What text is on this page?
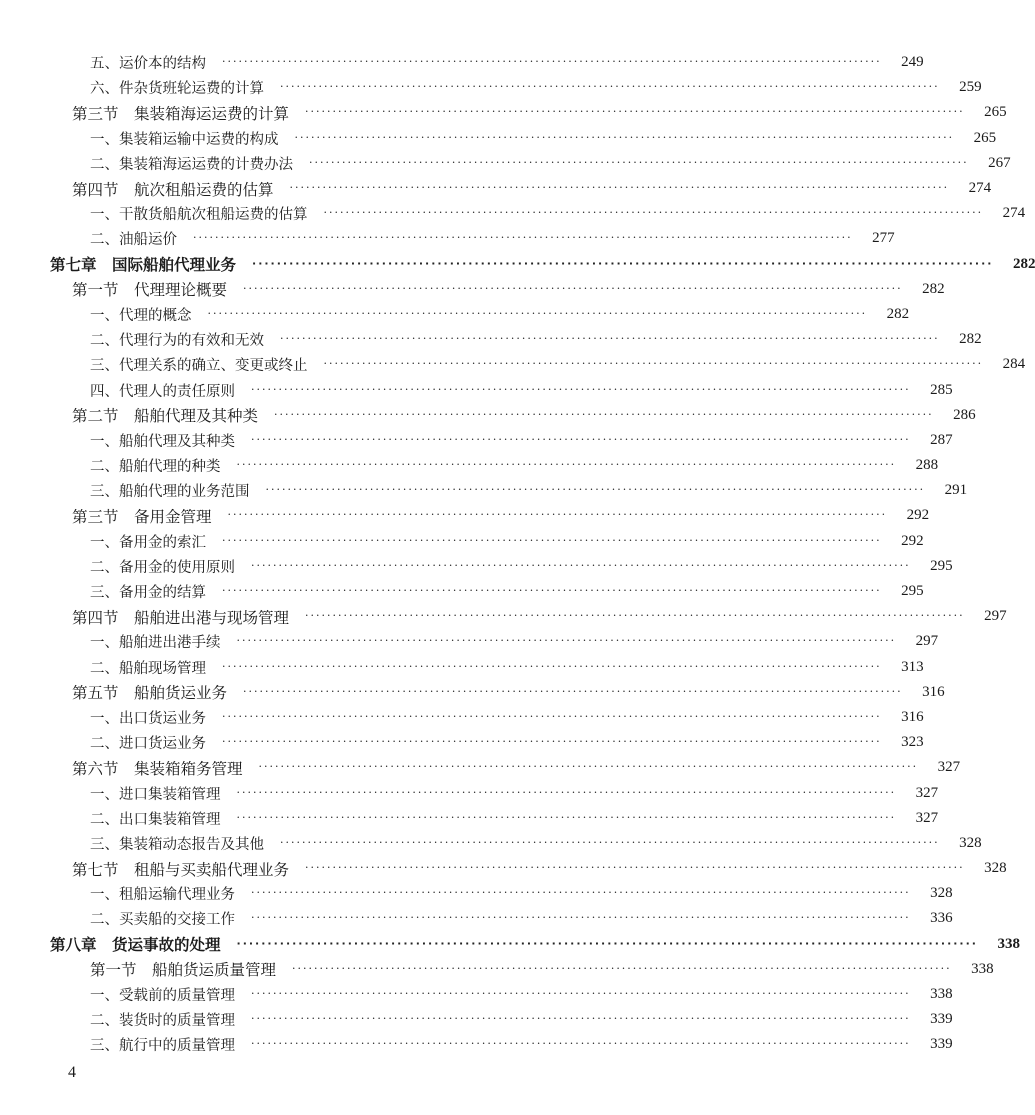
五、运价本的结构 ························································································································	249
六、件杂货班轮运费的计算 ························································································································	259
第三节　集装箱海运运费的计算 ························································································································	265
一、集装箱运输中运费的构成 ························································································································	265
二、集装箱海运运费的计费办法 ························································································································	267
第四节　航次租船运费的估算 ························································································································	274
一、干散货船航次租船运费的估算 ························································································································	274
二、油船运价 ························································································································	277
第七章　国际船舶代理业务 ························································································································	282
第一节　代理理论概要 ························································································································	282
一、代理的概念 ························································································································	282
二、代理行为的有效和无效 ························································································································	282
三、代理关系的确立、变更或终止 ························································································································	284
四、代理人的责任原则 ························································································································	285
第二节　船舶代理及其种类 ························································································································	286
一、船舶代理及其种类 ························································································································	287
二、船舶代理的种类 ························································································································	288
三、船舶代理的业务范围 ························································································································	291
第三节　备用金管理 ························································································································	292
一、备用金的索汇 ························································································································	292
二、备用金的使用原则 ························································································································	295
三、备用金的结算 ························································································································	295
第四节　船舶进出港与现场管理 ························································································································	297
一、船舶进出港手续 ························································································································	297
二、船舶现场管理 ························································································································	313
第五节　船舶货运业务 ························································································································	316
一、出口货运业务 ························································································································	316
二、进口货运业务 ························································································································	323
第六节　集装箱箱务管理 ························································································································	327
一、进口集装箱管理 ························································································································	327
二、出口集装箱管理 ························································································································	327
三、集装箱动态报告及其他 ························································································································	328
第七节　租船与买卖船代理业务 ························································································································	328
一、租船运输代理业务 ························································································································	328
二、买卖船的交接工作 ························································································································	336
第八章　货运事故的处理 ························································································································	338
第一节　船舶货运质量管理 ························································································································	338
一、受载前的质量管理 ························································································································	338
二、装货时的质量管理 ························································································································	339
三、航行中的质量管理 ························································································································	339
4
